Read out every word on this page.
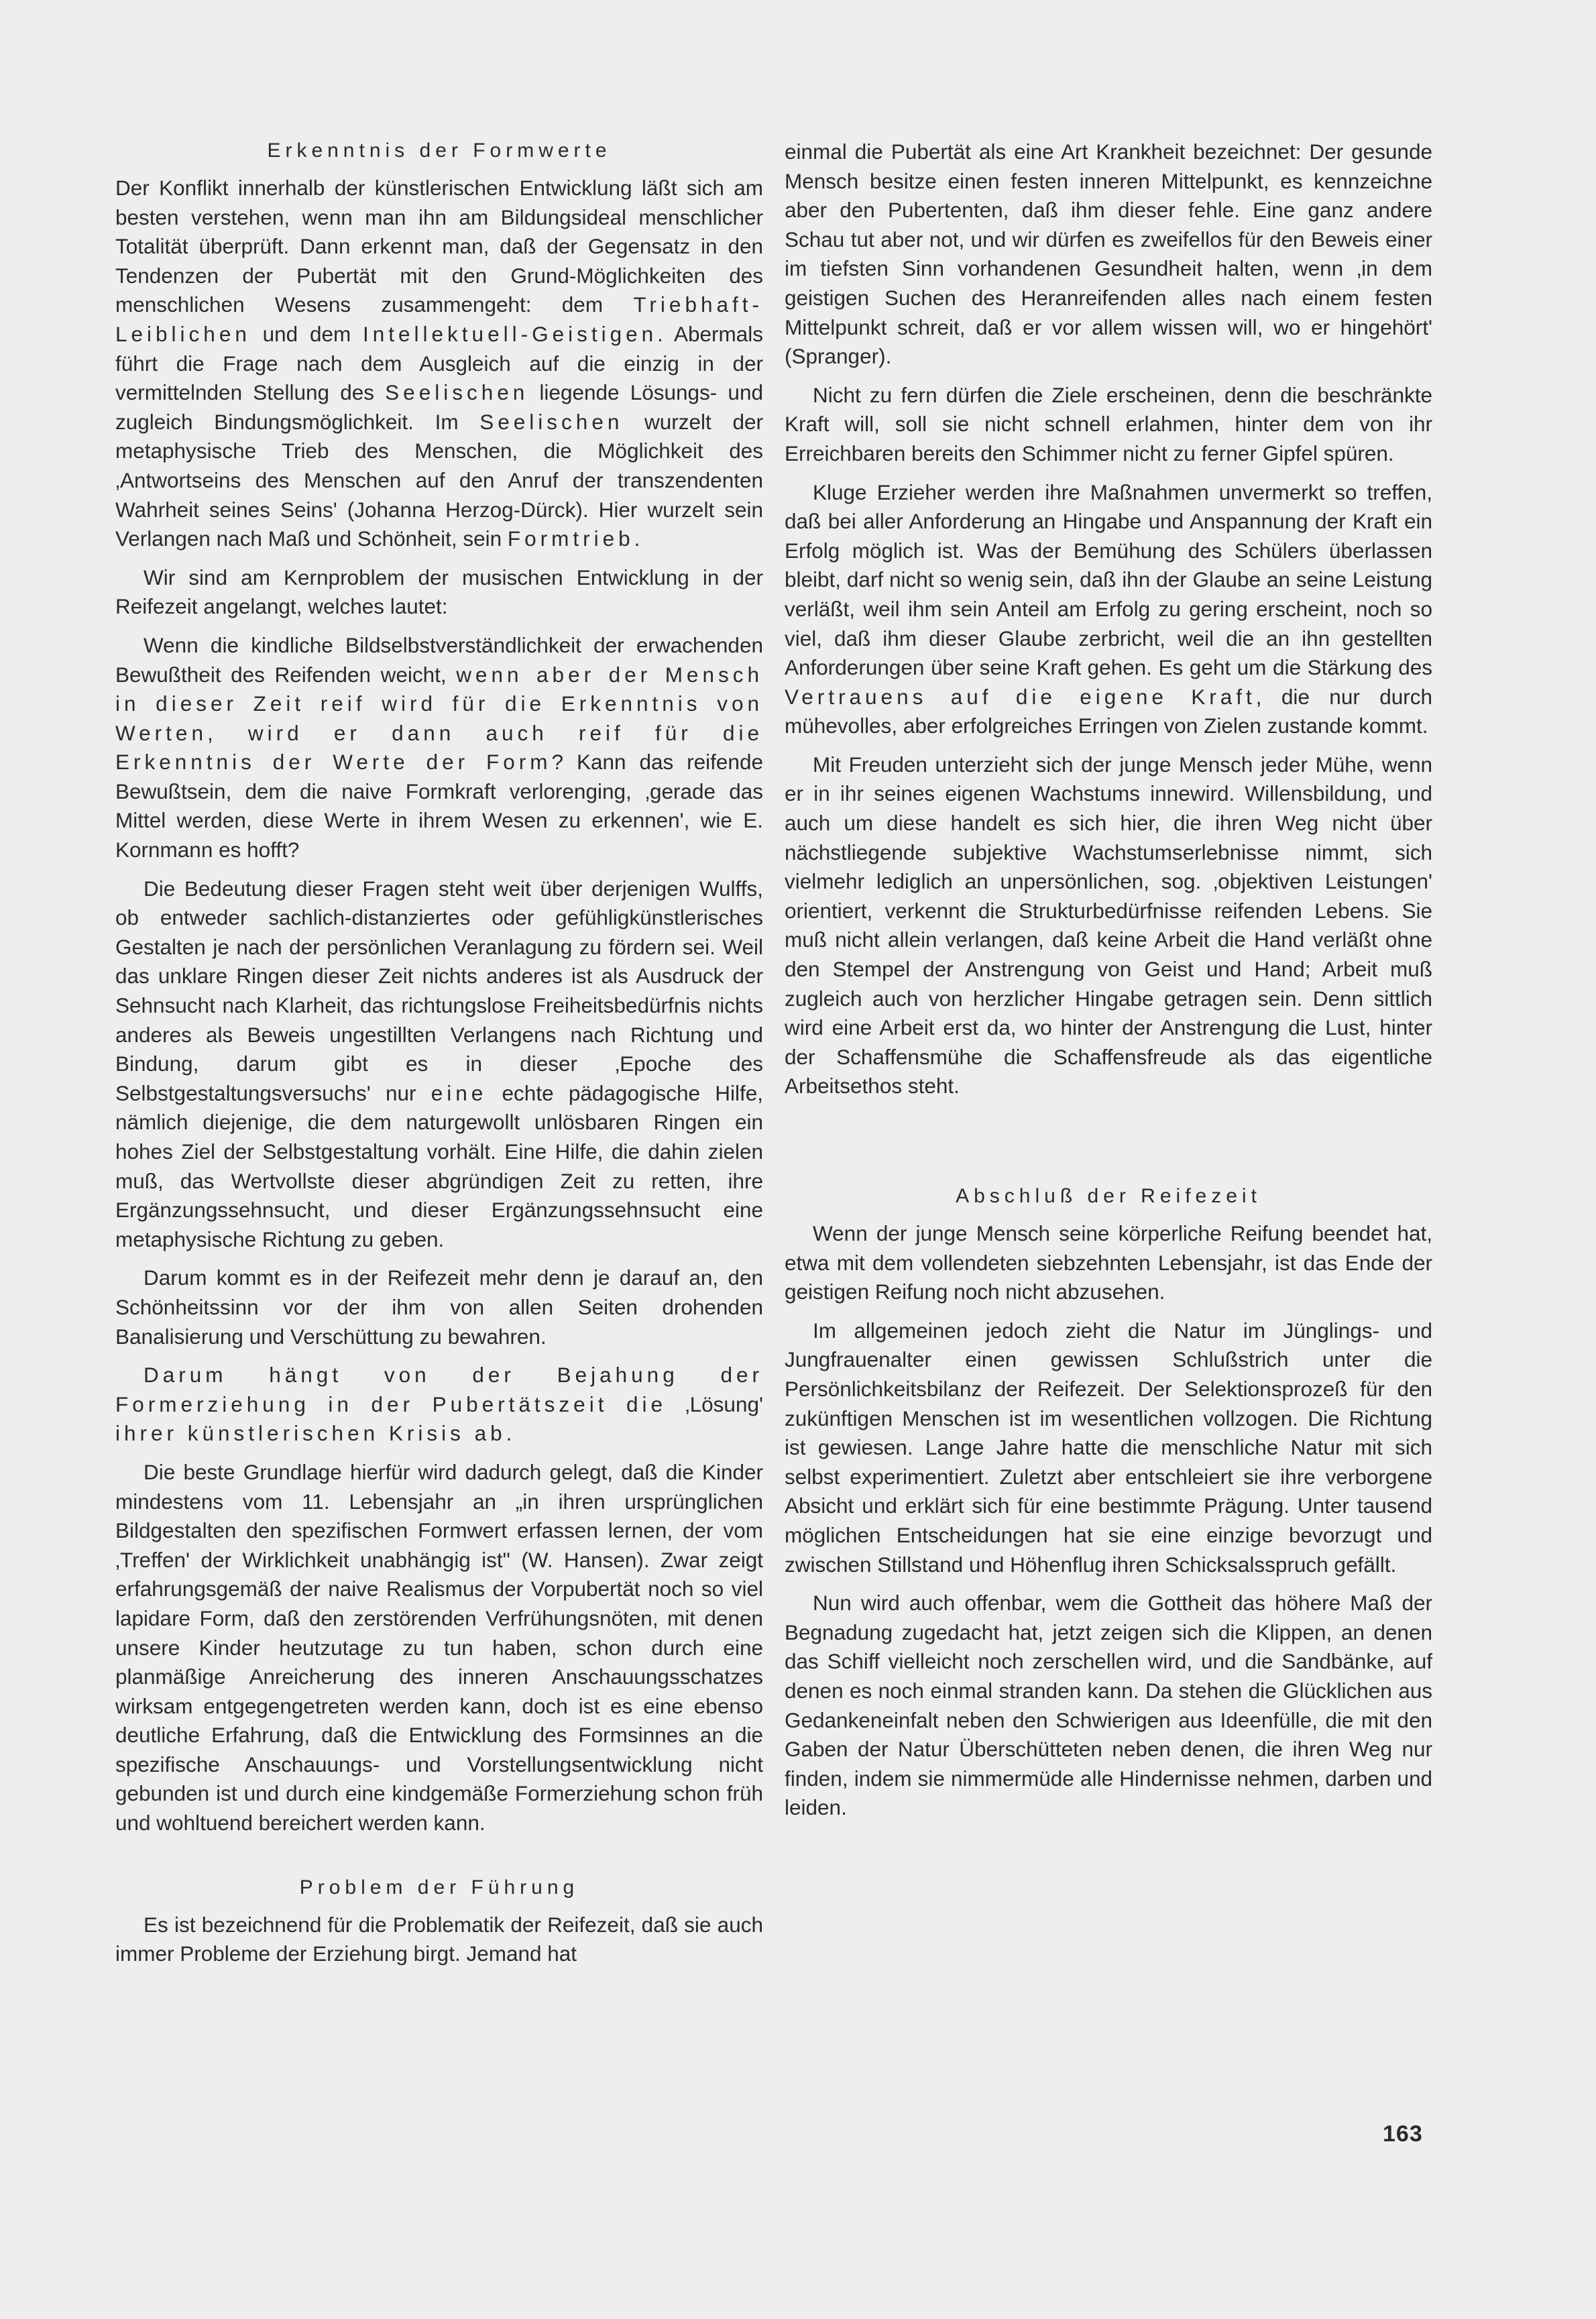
Erkenntnis der Formwerte

Der Konflikt innerhalb der künstlerischen Entwicklung läßt sich am besten verstehen, wenn man ihn am Bildungsideal menschlicher Totalität überprüft. Dann erkennt man, daß der Gegensatz in den Tendenzen der Pubertät mit den Grund-Möglichkeiten des menschlichen Wesens zusammengeht: dem Triebhaft-Leiblichen und dem Intellektuell-Geistigen. Abermals führt die Frage nach dem Ausgleich auf die einzig in der vermittelnden Stellung des Seelischen liegende Lösungs- und zugleich Bindungsmöglichkeit. Im Seelischen wurzelt der metaphysische Trieb des Menschen, die Möglichkeit des ‚Antwortseins des Menschen auf den Anruf der transzendenten Wahrheit seines Seins' (Johanna Herzog-Dürck). Hier wurzelt sein Verlangen nach Maß und Schönheit, sein Formtrieb.

Wir sind am Kernproblem der musischen Entwicklung in der Reifezeit angelangt, welches lautet:

Wenn die kindliche Bildselbstverständlichkeit der erwachenden Bewußtheit des Reifenden weicht, wenn aber der Mensch in dieser Zeit reif wird für die Erkenntnis von Werten, wird er dann auch reif für die Erkenntnis der Werte der Form? Kann das reifende Bewußtsein, dem die naive Formkraft verlorenging, ‚gerade das Mittel werden, diese Werte in ihrem Wesen zu erkennen', wie E. Kornmann es hofft?

Die Bedeutung dieser Fragen steht weit über derjenigen Wulffs, ob entweder sachlich-distanziertes oder gefühligkünstlerisches Gestalten je nach der persönlichen Veranlagung zu fördern sei. Weil das unklare Ringen dieser Zeit nichts anderes ist als Ausdruck der Sehnsucht nach Klarheit, das richtungslose Freiheitsbedürfnis nichts anderes als Beweis ungestillten Verlangens nach Richtung und Bindung, darum gibt es in dieser ‚Epoche des Selbstgestaltungsversuchs' nur eine echte pädagogische Hilfe, nämlich diejenige, die dem naturgewollt unlösbaren Ringen ein hohes Ziel der Selbstgestaltung vorhält. Eine Hilfe, die dahin zielen muß, das Wertvollste dieser abgründigen Zeit zu retten, ihre Ergänzungssehnsucht, und dieser Ergänzungssehnsucht eine metaphysische Richtung zu geben.

Darum kommt es in der Reifezeit mehr denn je darauf an, den Schönheitssinn vor der ihm von allen Seiten drohenden Banalisierung und Verschüttung zu bewahren.

Darum hängt von der Bejahung der Formerziehung in der Pubertätszeit die ‚Lösung' ihrer künstlerischen Krisis ab.

Die beste Grundlage hierfür wird dadurch gelegt, daß die Kinder mindestens vom 11. Lebensjahr an „in ihren ursprünglichen Bildgestalten den spezifischen Formwert erfassen lernen, der vom ‚Treffen' der Wirklichkeit unabhängig ist" (W. Hansen). Zwar zeigt erfahrungsgemäß der naive Realismus der Vorpubertät noch so viel lapidare Form, daß den zerstörenden Verfrühungsnöten, mit denen unsere Kinder heutzutage zu tun haben, schon durch eine planmäßige Anreicherung des inneren Anschauungsschatzes wirksam entgegengetreten werden kann, doch ist es eine ebenso deutliche Erfahrung, daß die Entwicklung des Formsinnes an die spezifische Anschauungs- und Vorstellungsentwicklung nicht gebunden ist und durch eine kindgemäße Formerziehung schon früh und wohltuend bereichert werden kann.

Problem der Führung

Es ist bezeichnend für die Problematik der Reifezeit, daß sie auch immer Probleme der Erziehung birgt. Jemand hat

einmal die Pubertät als eine Art Krankheit bezeichnet: Der gesunde Mensch besitze einen festen inneren Mittelpunkt, es kennzeichne aber den Pubertenten, daß ihm dieser fehle. Eine ganz andere Schau tut aber not, und wir dürfen es zweifellos für den Beweis einer im tiefsten Sinn vorhandenen Gesundheit halten, wenn ‚in dem geistigen Suchen des Heranreifenden alles nach einem festen Mittelpunkt schreit, daß er vor allem wissen will, wo er hingehört' (Spranger).

Nicht zu fern dürfen die Ziele erscheinen, denn die beschränkte Kraft will, soll sie nicht schnell erlahmen, hinter dem von ihr Erreichbaren bereits den Schimmer nicht zu ferner Gipfel spüren.

Kluge Erzieher werden ihre Maßnahmen unvermerkt so treffen, daß bei aller Anforderung an Hingabe und Anspannung der Kraft ein Erfolg möglich ist. Was der Bemühung des Schülers überlassen bleibt, darf nicht so wenig sein, daß ihn der Glaube an seine Leistung verläßt, weil ihm sein Anteil am Erfolg zu gering erscheint, noch so viel, daß ihm dieser Glaube zerbricht, weil die an ihn gestellten Anforderungen über seine Kraft gehen. Es geht um die Stärkung des Vertrauens auf die eigene Kraft, die nur durch mühevolles, aber erfolgreiches Erringen von Zielen zustande kommt.

Mit Freuden unterzieht sich der junge Mensch jeder Mühe, wenn er in ihr seines eigenen Wachstums innewird. Willensbildung, und auch um diese handelt es sich hier, die ihren Weg nicht über nächstliegende subjektive Wachstumserlebnisse nimmt, sich vielmehr lediglich an unpersönlichen, sog. ‚objektiven Leistungen' orientiert, verkennt die Strukturbedürfnisse reifenden Lebens. Sie muß nicht allein verlangen, daß keine Arbeit die Hand verläßt ohne den Stempel der Anstrengung von Geist und Hand; Arbeit muß zugleich auch von herzlicher Hingabe getragen sein. Denn sittlich wird eine Arbeit erst da, wo hinter der Anstrengung die Lust, hinter der Schaffensmühe die Schaffensfreude als das eigentliche Arbeitsethos steht.

Abschluß der Reifezeit

Wenn der junge Mensch seine körperliche Reifung beendet hat, etwa mit dem vollendeten siebzehnten Lebensjahr, ist das Ende der geistigen Reifung noch nicht abzusehen.

Im allgemeinen jedoch zieht die Natur im Jünglings- und Jungfrauenalter einen gewissen Schlußstrich unter die Persönlichkeitsbilanz der Reifezeit. Der Selektionsprozeß für den zukünftigen Menschen ist im wesentlichen vollzogen. Die Richtung ist gewiesen. Lange Jahre hatte die menschliche Natur mit sich selbst experimentiert. Zuletzt aber entschleiert sie ihre verborgene Absicht und erklärt sich für eine bestimmte Prägung. Unter tausend möglichen Entscheidungen hat sie eine einzige bevorzugt und zwischen Stillstand und Höhenflug ihren Schicksalsspruch gefällt.

Nun wird auch offenbar, wem die Gottheit das höhere Maß der Begnadung zugedacht hat, jetzt zeigen sich die Klippen, an denen das Schiff vielleicht noch zerschellen wird, und die Sandbänke, auf denen es noch einmal stranden kann. Da stehen die Glücklichen aus Gedankeneinfalt neben den Schwierigen aus Ideenfülle, die mit den Gaben der Natur Überschütteten neben denen, die ihren Weg nur finden, indem sie nimmermüde alle Hindernisse nehmen, darben und leiden.

163
